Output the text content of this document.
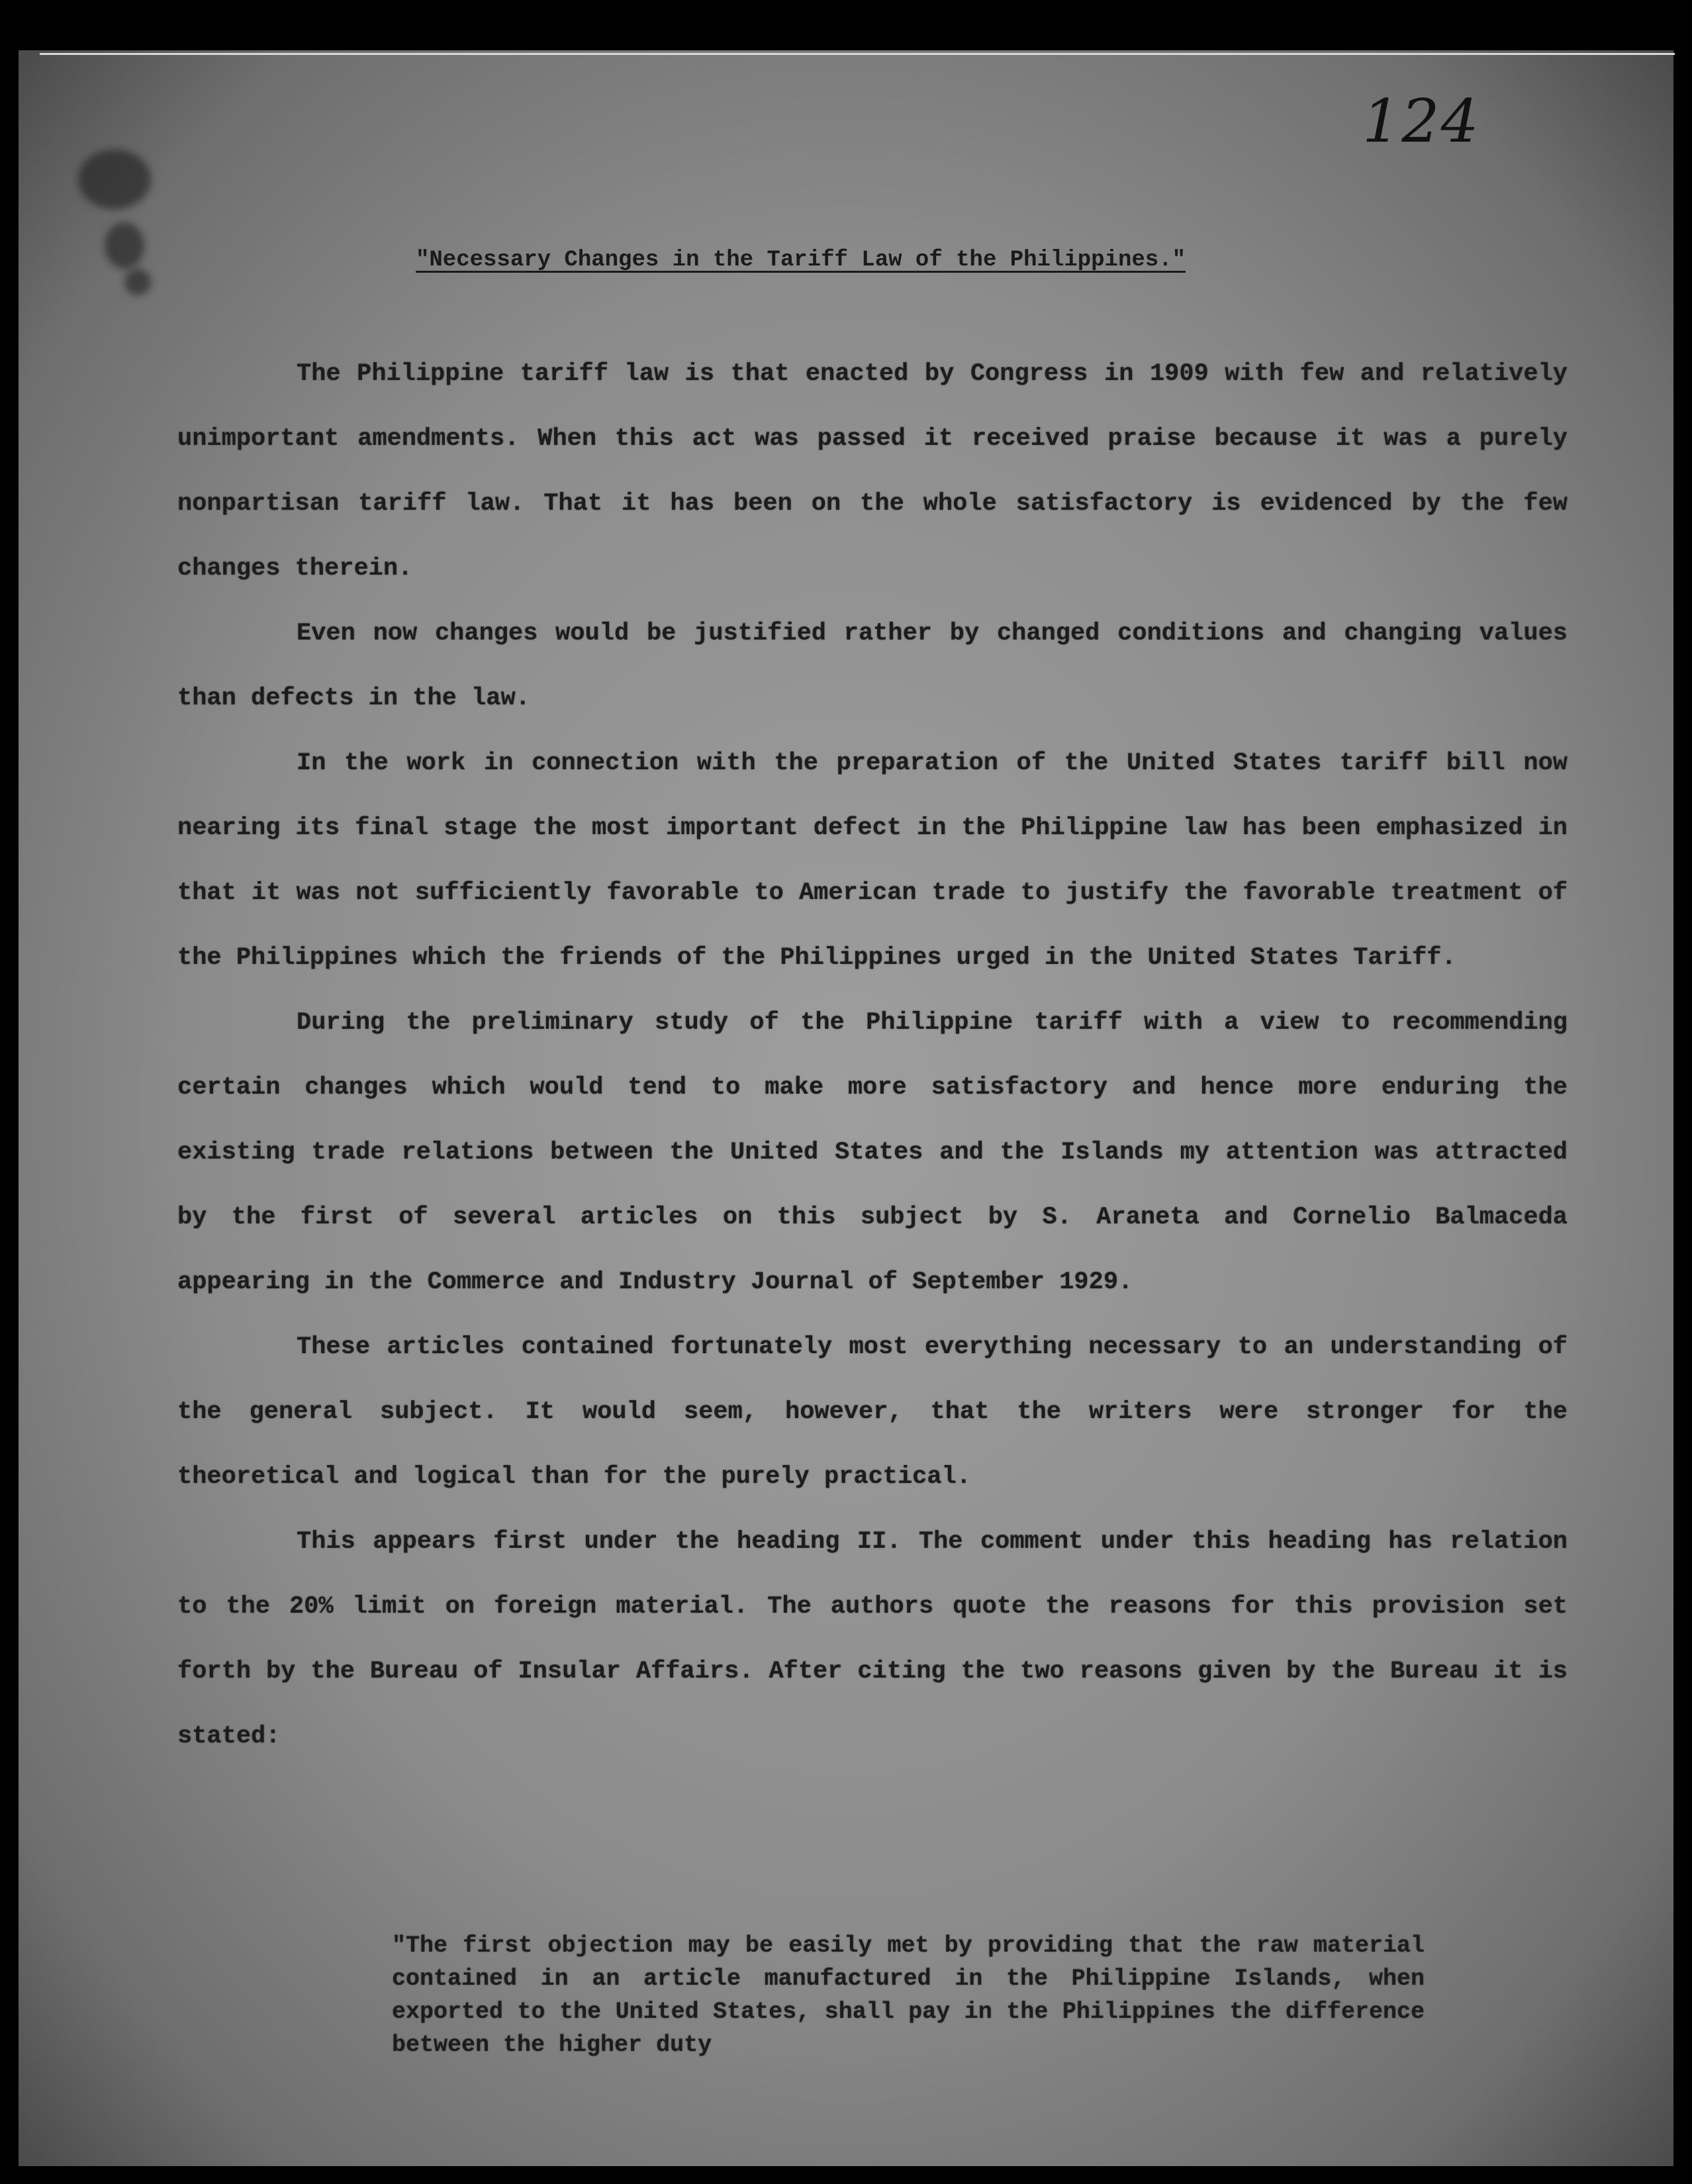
124
"Necessary Changes in the Tariff Law of the Philippines."

The Philippine tariff law is that enacted by Congress in 1909 with few and relatively unimportant amendments. When this act was passed it received praise because it was a purely nonpartisan tariff law. That it has been on the whole satisfactory is evidenced by the few changes therein.

Even now changes would be justified rather by changed conditions and changing values than defects in the law.

In the work in connection with the preparation of the United States tariff bill now nearing its final stage the most important defect in the Philippine law has been emphasized in that it was not sufficiently favorable to American trade to justify the favorable treatment of the Philippines which the friends of the Philippines urged in the United States Tariff.

During the preliminary study of the Philippine tariff with a view to recommending certain changes which would tend to make more satisfactory and hence more enduring the existing trade relations between the United States and the Islands my attention was attracted by the first of several articles on this subject by S. Araneta and Cornelio Balmaceda appearing in the Commerce and Industry Journal of September 1929.

These articles contained fortunately most everything necessary to an understanding of the general subject. It would seem, however, that the writers were stronger for the theoretical and logical than for the purely practical.

This appears first under the heading II. The comment under this heading has relation to the 20% limit on foreign material. The authors quote the reasons for this provision set forth by the Bureau of Insular Affairs. After citing the two reasons given by the Bureau it is stated:

"The first objection may be easily met by providing that the raw material contained in an article manufactured in the Philippine Islands, when exported to the United States, shall pay in the Philippines the difference between the higher duty
